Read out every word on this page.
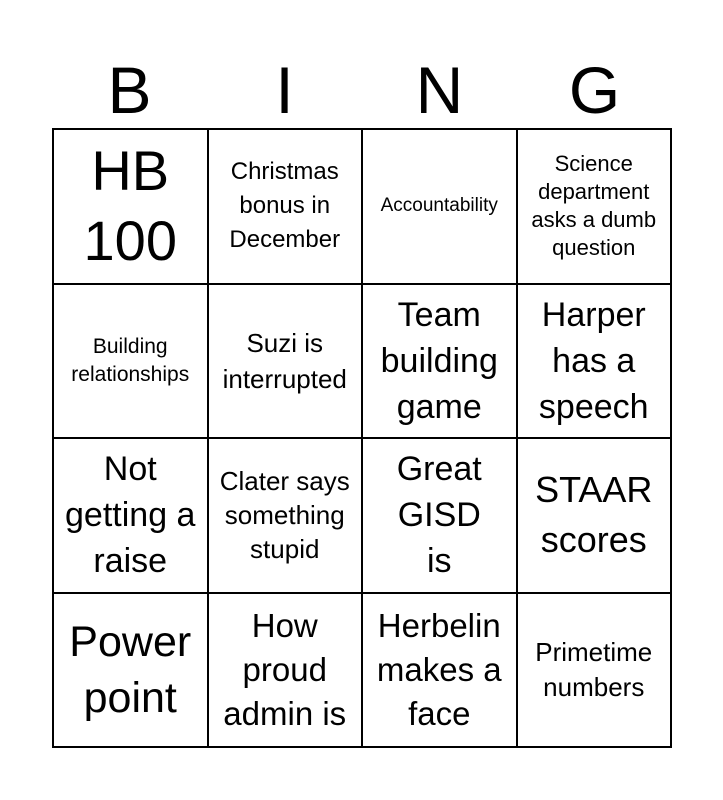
B	I	N	G
HB 100
Christmas bonus in December
Accountability
Science department asks a dumb question
Building relationships
Suzi is interrupted
Team building game
Harper has a speech
Not getting a raise
Clater says something stupid
Great GISD is
STAAR scores
Power point
How proud admin is
Herbelin makes a face
Primetime numbers
